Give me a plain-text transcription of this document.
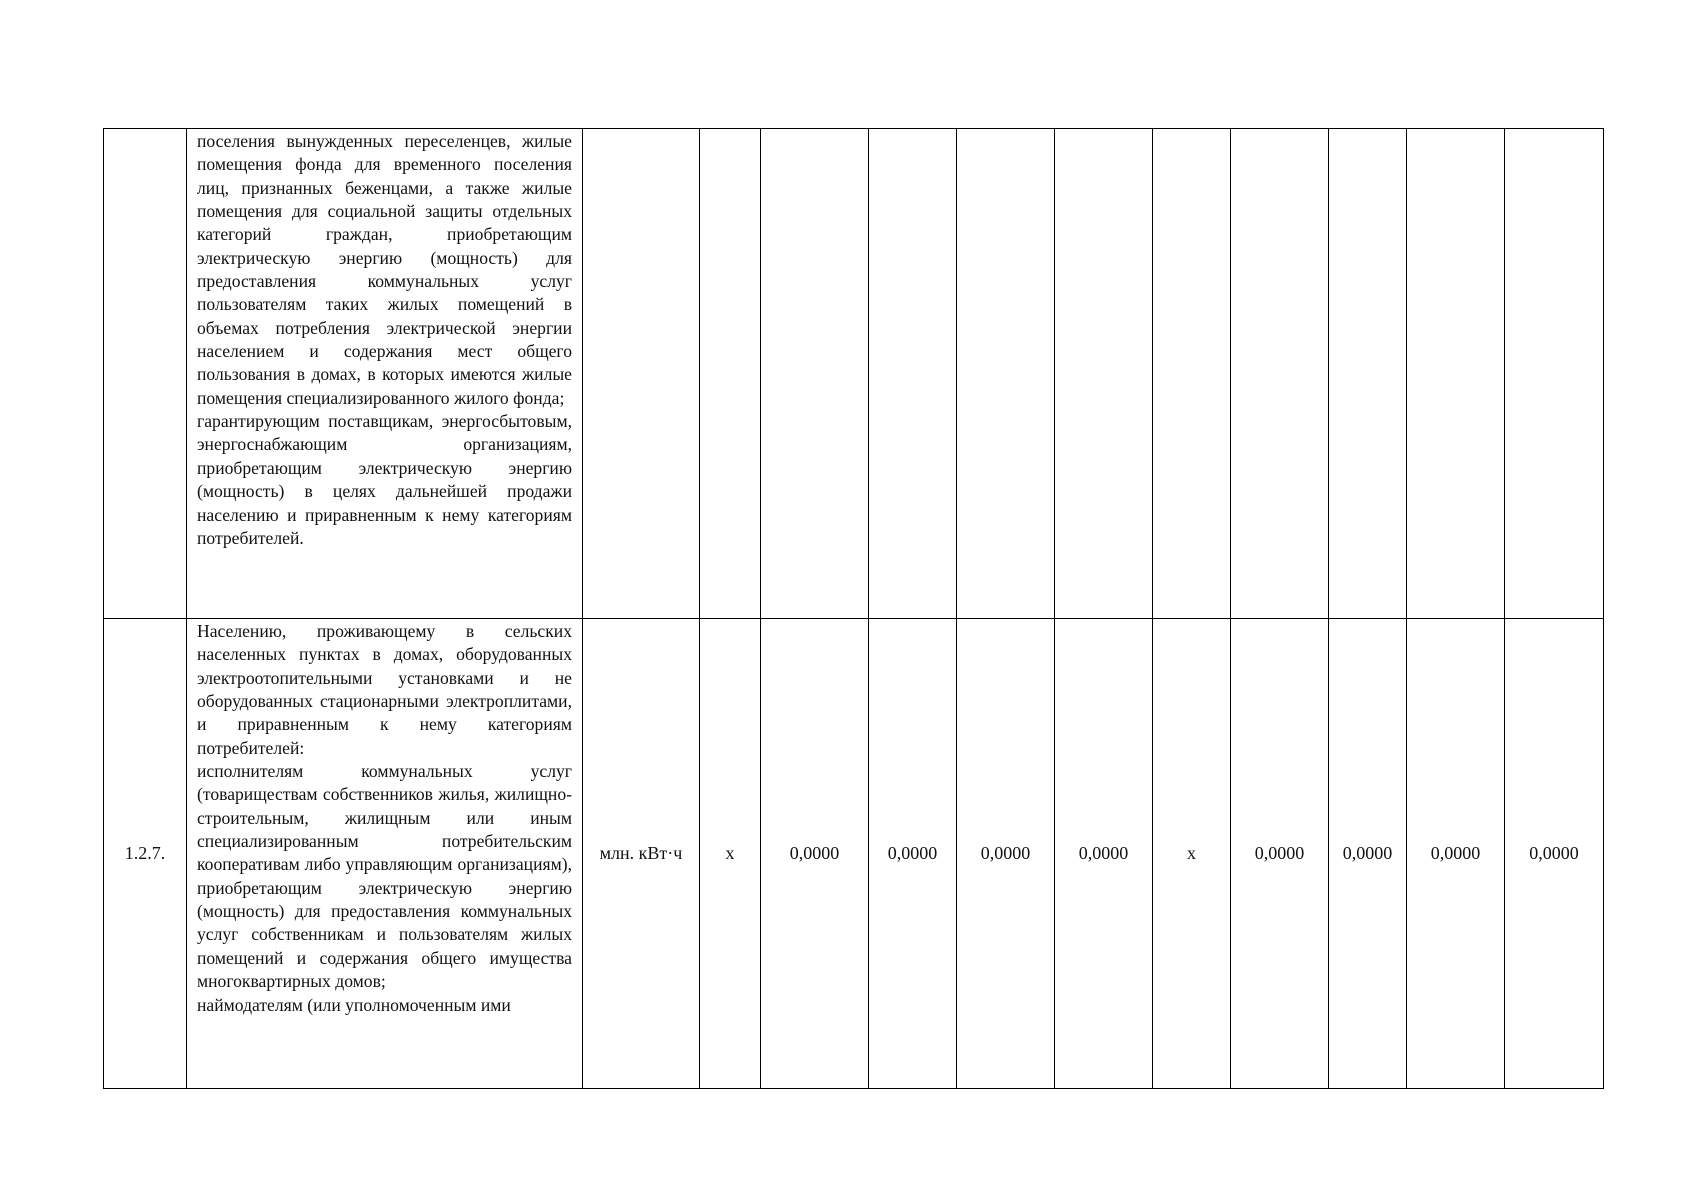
	поселения вынужденных переселенцев, жилые помещения фонда для временного поселения лиц, признанных беженцами, а также жилые помещения для социальной защиты отдельных категорий граждан, приобретающим электрическую энергию (мощность) для предоставления коммунальных услуг пользователям таких жилых помещений в объемах потребления электрической энергии населением и содержания мест общего пользования в домах, в которых имеются жилые помещения специализированного жилого фонда;
гарантирующим поставщикам, энергосбытовым, энергоснабжающим организациям, приобретающим электрическую энергию (мощность) в целях дальнейшей продажи населению и приравненным к нему категориям потребителей.											

1.2.7.	Населению, проживающему в сельских населенных пунктах в домах, оборудованных электроотопительными установками и не оборудованных стационарными электроплитами, и приравненным к нему категориям потребителей:
исполнителям коммунальных услуг (товариществам собственников жилья, жилищно-строительным, жилищным или иным специализированным потребительским кооперативам либо управляющим организациям), приобретающим электрическую энергию (мощность) для предоставления коммунальных услуг собственникам и пользователям жилых помещений и содержания общего имущества многоквартирных домов;
наймодателям (или уполномоченным ими	млн. кВт·ч	х	0,0000	0,0000	0,0000	0,0000	х	0,0000	0,0000	0,0000	0,0000
